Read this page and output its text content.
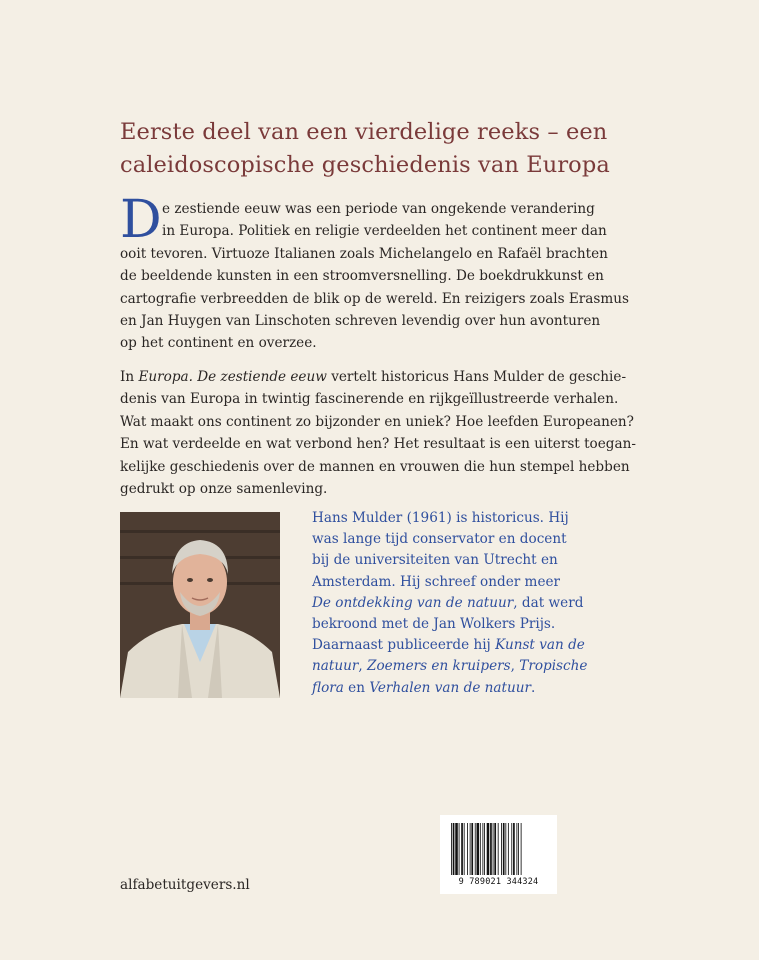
Eerste deel van een vierdelige reeks – een
caleidoscopische geschiedenis van Europa
D e zestiende eeuw was een periode van ongekende verandering
in Europa. Politiek en religie verdeelden het continent meer dan
ooit tevoren. Virtuoze Italianen zoals Michelangelo en Rafaël brachten
de beeldende kunsten in een stroomversnelling. De boekdrukkunst en
cartografie verbreedden de blik op de wereld. En reizigers zoals Erasmus
en Jan Huygen van Linschoten schreven levendig over hun avonturen
op het continent en overzee.
In Europa. De zestiende eeuw vertelt historicus Hans Mulder de geschie-
denis van Europa in twintig fascinerende en rijkgeïllustreerde verhalen.
Wat maakt ons continent zo bijzonder en uniek? Hoe leefden Europeanen?
En wat verdeelde en wat verbond hen? Het resultaat is een uiterst toegan-
kelijke geschiedenis over de mannen en vrouwen die hun stempel hebben
gedrukt op onze samenleving.
Hans Mulder (1961) is historicus. Hij
was lange tijd conservator en docent
bij de universiteiten van Utrecht en
Amsterdam. Hij schreef onder meer
De ontdekking van de natuur, dat werd
bekroond met de Jan Wolkers Prijs.
Daarnaast publiceerde hij Kunst van de
natuur, Zoemers en kruipers, Tropische
flora en Verhalen van de natuur.
alfabetuitgevers.nl	9 789021 344324
